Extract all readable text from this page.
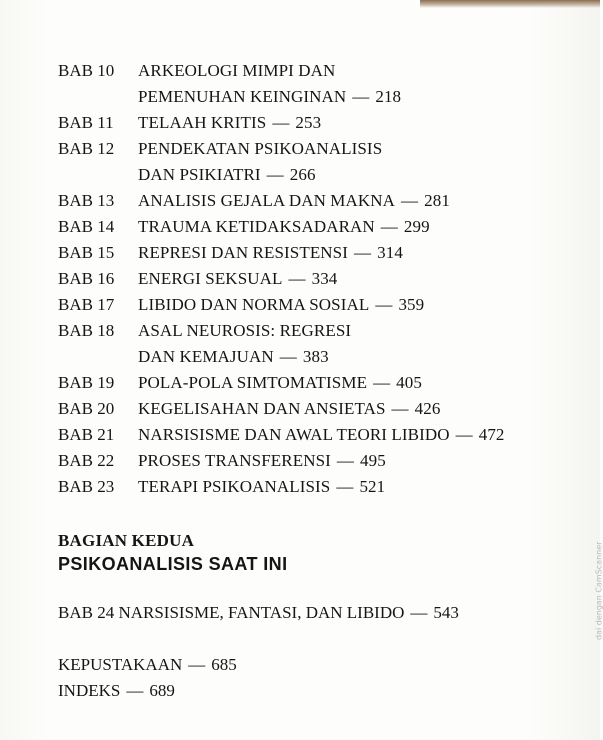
BAB 10	ARKEOLOGI MIMPI DAN
PEMENUHAN KEINGINAN — 218
BAB 11	TELAAH KRITIS — 253
BAB 12	PENDEKATAN PSIKOANALISIS
DAN PSIKIATRI — 266
BAB 13	ANALISIS GEJALA DAN MAKNA — 281
BAB 14	TRAUMA KETIDAKSADARAN — 299
BAB 15	REPRESI DAN RESISTENSI — 314
BAB 16	ENERGI SEKSUAL — 334
BAB 17	LIBIDO DAN NORMA SOSIAL — 359
BAB 18	ASAL NEUROSIS: REGRESI
DAN KEMAJUAN — 383
BAB 19	POLA-POLA SIMTOMATISME — 405
BAB 20	KEGELISAHAN DAN ANSIETAS — 426
BAB 21	NARSISISME DAN AWAL TEORI LIBIDO — 472
BAB 22	PROSES TRANSFERENSI — 495
BAB 23	TERAPI PSIKOANALISIS — 521
BAGIAN KEDUA
PSIKOANALISIS SAAT INI
BAB 24 NARSISISME, FANTASI, DAN LIBIDO — 543
KEPUSTAKAAN — 685
INDEKS — 689
dai dengan CamScanner
